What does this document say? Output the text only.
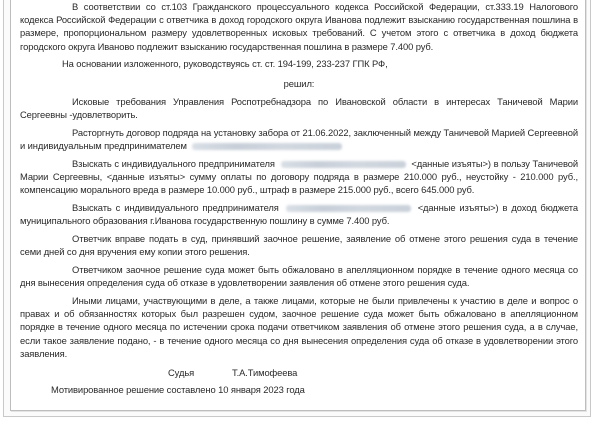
В соответствии со ст.103 Гражданского процессуального кодекса Российской Федерации, ст.333.19 Налогового кодекса Российской Федерации с ответчика в доход городского округа Иванова подлежит взысканию государственная пошлина в размере, пропорциональном размеру удовлетворенных исковых требований. С учетом этого с ответчика в доход бюджета городского округа Иваново подлежит взысканию государственная пошлина в размере 7.400 руб.

На основании изложенного, руководствуясь ст. ст. 194-199, 233-237 ГПК РФ,

решил:

Исковые требования Управления Роспотребнадзора по Ивановской области в интересах Таничевой Марии Сергеевны -удовлетворить.

Расторгнуть договор подряда на установку забора от 21.06.2022, заключенный между Таничевой Марией Сергеевной и индивидуальным предпринимателем

Взыскать с индивидуального предпринимателя	<данные изъяты>) в пользу Таничевой Марии Сергеевны, <данные изъяты> сумму оплаты по договору подряда в размере 210.000 руб., неустойку - 210.000 руб., компенсацию морального вреда в размере 10.000 руб., штраф в размере 215.000 руб., всего 645.000 руб.

Взыскать с индивидуального предпринимателя	<данные изъяты>) в доход бюджета муниципального образования г.Иванова государственную пошлину в сумме 7.400 руб.

Ответчик вправе подать в суд, принявший заочное решение, заявление об отмене этого решения суда в течение семи дней со дня вручения ему копии этого решения.

Ответчиком заочное решение суда может быть обжаловано в апелляционном порядке в течение одного месяца со дня вынесения определения суда об отказе в удовлетворении заявления об отмене этого решения суда.

Иными лицами, участвующими в деле, а также лицами, которые не были привлечены к участию в деле и вопрос о правах и об обязанностях которых был разрешен судом, заочное решение суда может быть обжаловано в апелляционном порядке в течение одного месяца по истечении срока подачи ответчиком заявления об отмене этого решения суда, а в случае, если такое заявление подано, - в течение одного месяца со дня вынесения определения суда об отказе в удовлетворении этого заявления.

Судья	Т.А.Тимофеева

Мотивированное решение составлено 10 января 2023 года
